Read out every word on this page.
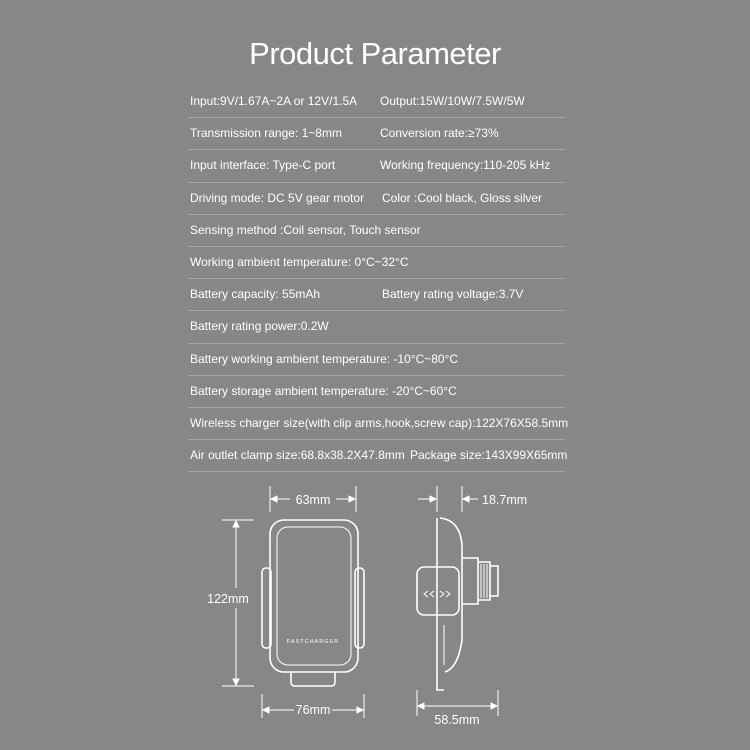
Product Parameter
Input:9V/1.67A~2A or 12V/1.5A Output:15W/10W/7.5W/5W
Transmission range: 1~8mm	Conversion rate:≥73%
Input interface: Type-C port	Working frequency:110-205 kHz
Driving mode: DC 5V gear motor Color :Cool black, Gloss silver
Sensing method :Coil sensor, Touch sensor
Working ambient temperature: 0°C~32°C
Battery capacity: 55mAh	Battery rating voltage:3.7V
Battery rating power:0.2W
Battery working ambient temperature: -10°C~80°C
Battery storage ambient temperature: -20°C~60°C
Wireless charger size(with clip arms,hook,screw cap):122X76X58.5mm
Air outlet clamp size:68.8x38.2X47.8mm Package size:143X99X65mm
FASTCHARGER
63mm
122mm
76mm
18.7mm
58.5mm
